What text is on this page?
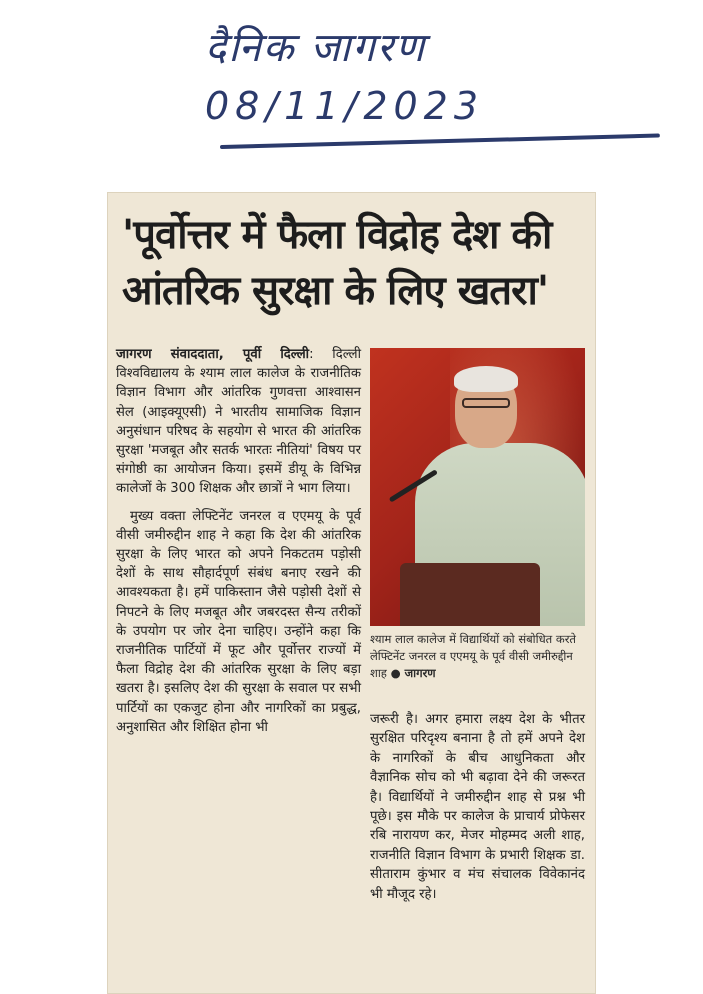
दैनिक जागरण
08/11/2023
'पूर्वोत्तर में फैला विद्रोह देश की आंतरिक सुरक्षा के लिए खतरा'

जागरण संवाददाता, पूर्वी दिल्ली: दिल्ली विश्वविद्यालय के श्याम लाल कालेज के राजनीतिक विज्ञान विभाग और आंतरिक गुणवत्ता आश्वासन सेल (आइक्यूएसी) ने भारतीय सामाजिक विज्ञान अनुसंधान परिषद के सहयोग से भारत की आंतरिक सुरक्षा 'मजबूत और सतर्क भारतः नीतियां' विषय पर संगोष्ठी का आयोजन किया। इसमें डीयू के विभिन्न कालेजों के 300 शिक्षक और छात्रों ने भाग लिया।

मुख्य वक्ता लेफ्टिनेंट जनरल व एएमयू के पूर्व वीसी जमीरुद्दीन शाह ने कहा कि देश की आंतरिक सुरक्षा के लिए भारत को अपने निकटतम पड़ोसी देशों के साथ सौहार्दपूर्ण संबंध बनाए रखने की आवश्यकता है। हमें पाकिस्तान जैसे पड़ोसी देशों से निपटने के लिए मजबूत और जबरदस्त सैन्य तरीकों के उपयोग पर जोर देना चाहिए। उन्होंने कहा कि राजनीतिक पार्टियों में फूट और पूर्वोत्तर राज्यों में फैला विद्रोह देश की आंतरिक सुरक्षा के लिए बड़ा खतरा है। इसलिए देश की सुरक्षा के सवाल पर सभी पार्टियों का एकजुट होना और नागरिकों का प्रबुद्ध, अनुशासित और शिक्षित होना भी

श्याम लाल कालेज में विद्यार्थियों को संबोधित करते लेफ्टिनेंट जनरल व एएमयू के पूर्व वीसी जमीरुद्दीन शाह ● जागरण

जरूरी है। अगर हमारा लक्ष्य देश के भीतर सुरक्षित परिदृश्य बनाना है तो हमें अपने देश के नागरिकों के बीच आधुनिकता और वैज्ञानिक सोच को भी बढ़ावा देने की जरूरत है। विद्यार्थियों ने जमीरुद्दीन शाह से प्रश्न भी पूछे। इस मौके पर कालेज के प्राचार्य प्रोफेसर रबि नारायण कर, मेजर मोहम्मद अली शाह, राजनीति विज्ञान विभाग के प्रभारी शिक्षक डा. सीताराम कुंभार व मंच संचालक विवेकानंद भी मौजूद रहे।
